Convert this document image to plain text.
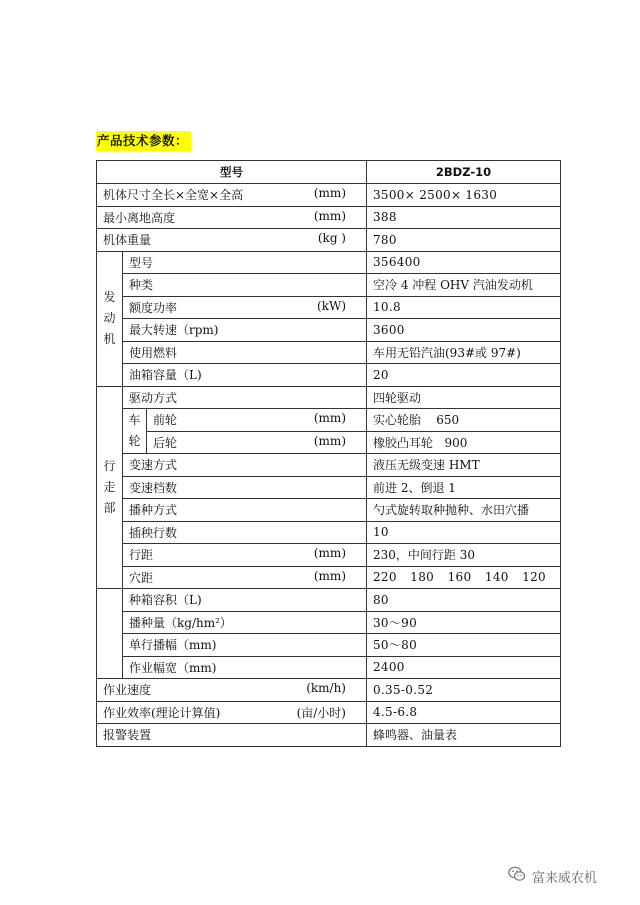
产品技术参数：
型号			2BDZ-10

机体尺寸全长×全宽×全高 (mm)			3500× 2500× 1630

最小离地高度 (mm)			388

机体重量 (kg )			780

发
动
机	型号		356400
	种类		空冷 4 冲程 OHV 汽油发动机

	额度功率 (kW)		10.8
	最大转速（rpm)		3600
	使用燃料		车用无铅汽油(93#或 97#)
	油箱容量（L)		20

行
走
部	驱动方式		四轮驱动

	车
轮	前轮 (mm)	实心轮胎    650

		后轮 (mm)	橡胶凸耳轮   900
	变速方式		液压无级变速 HMT
	变速档数		前进 2、倒退 1
	播种方式		勺式旋转取种抛种、水田穴播
	插秧行数		10

	行距 (mm)		230，中间行距 30

	穴距 (mm)		220 180 160 140 120

	种箱容积（L)		80
	播种量（kg/hm²）		30～90
	单行播幅（mm)		50～80
	作业幅宽（mm)		2400

作业速度 (km/h)			0.35-0.52

作业效率(理论计算值) (亩/小时)			4.5-6.8
报警装置			蜂鸣器、油量表
富来威农机
